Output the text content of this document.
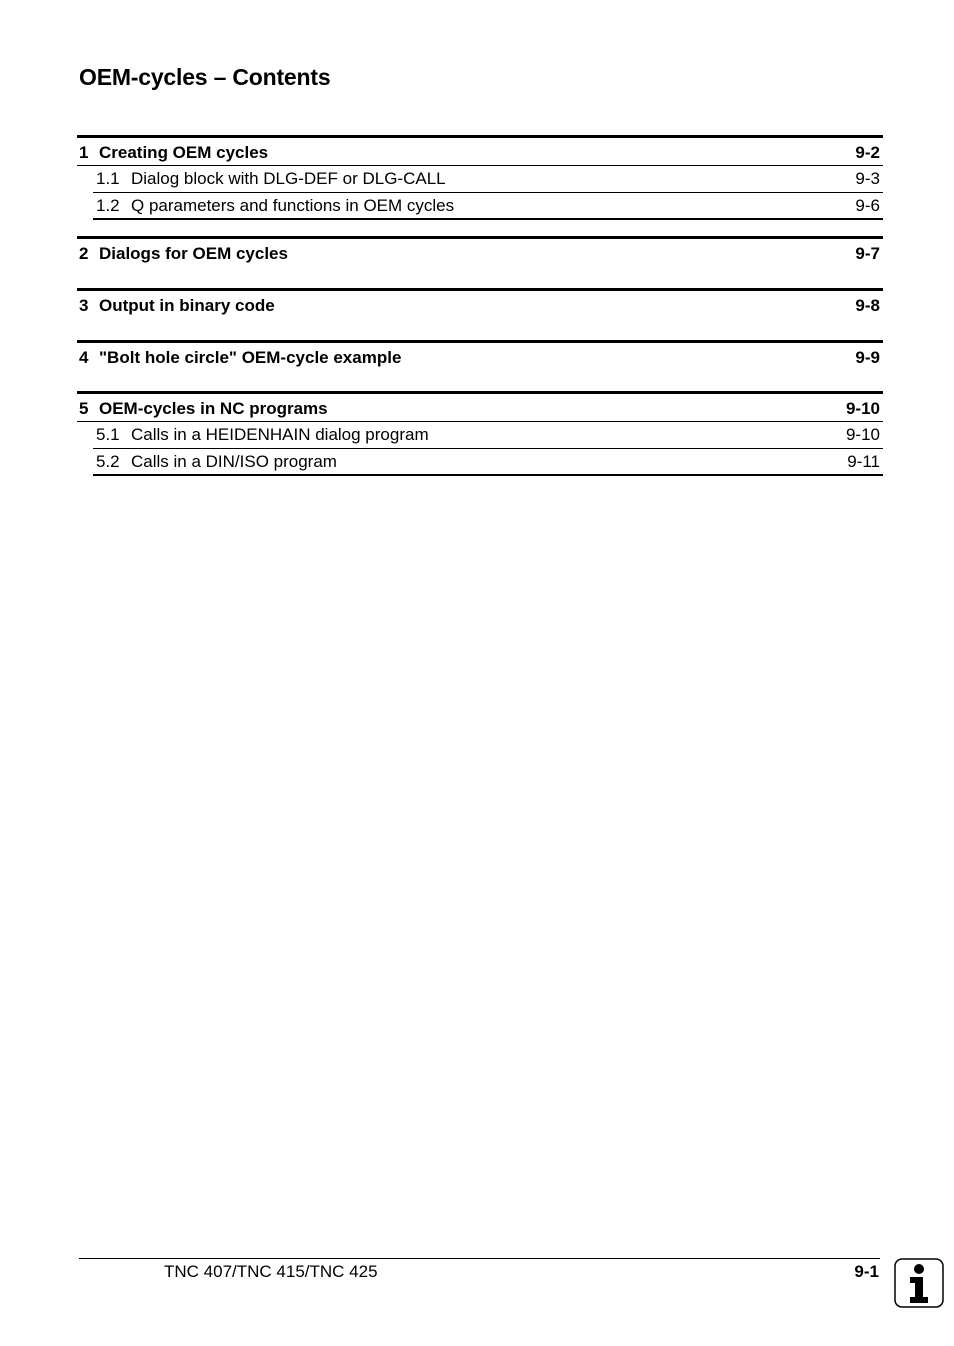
OEM-cycles – Contents
1 Creating OEM cycles	9-2
1.1 Dialog block with DLG-DEF or DLG-CALL	9-3
1.2 Q parameters and functions in OEM cycles	9-6
2 Dialogs for OEM cycles	9-7
3 Output in binary code	9-8
4 "Bolt hole circle" OEM-cycle example	9-9
5 OEM-cycles in NC programs	9-10
5.1 Calls in a HEIDENHAIN dialog program	9-10
5.2 Calls in a DIN/ISO program	9-11
TNC 407/TNC 415/TNC 425	9-1
